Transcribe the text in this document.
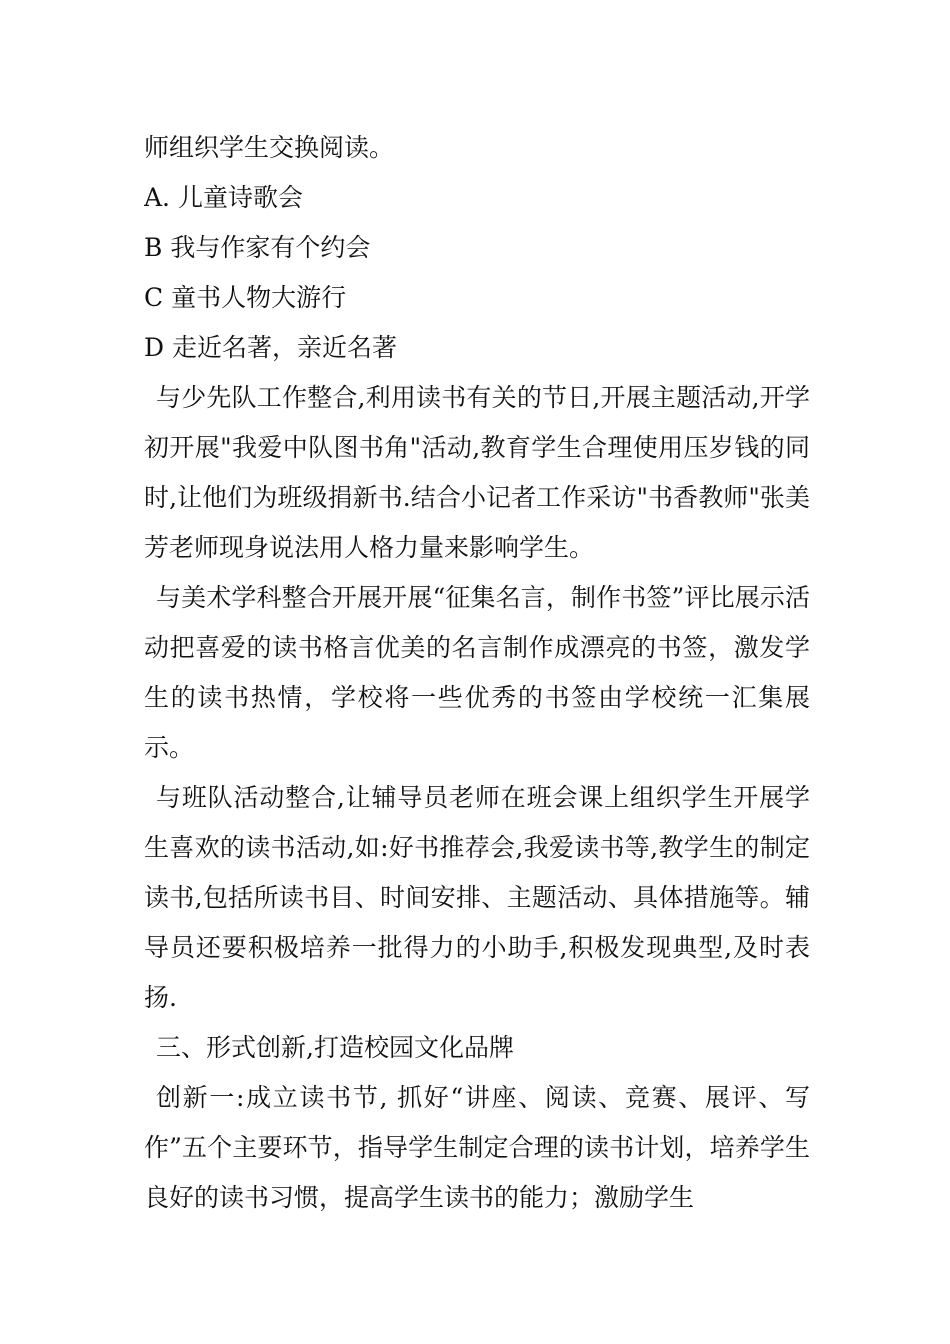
师组织学生交换阅读。
A. 儿童诗歌会
B 我与作家有个约会
C 童书人物大游行
D 走近名著，亲近名著

与少先队工作整合,利用读书有关的节日,开展主题活动,开学初开展"我爱中队图书角"活动,教育学生合理使用压岁钱的同时,让他们为班级捐新书.结合小记者工作采访"书香教师"张美芳老师现身说法用人格力量来影响学生。

与美术学科整合开展开展“征集名言，制作书签”评比展示活动把喜爱的读书格言优美的名言制作成漂亮的书签，激发学生的读书热情，学校将一些优秀的书签由学校统一汇集展示。

与班队活动整合,让辅导员老师在班会课上组织学生开展学生喜欢的读书活动,如:好书推荐会,我爱读书等,教学生的制定读书,包括所读书目、时间安排、主题活动、具体措施等。辅导员还要积极培养一批得力的小助手,积极发现典型,及时表扬.

三、形式创新,打造校园文化品牌

创新一:成立读书节, 抓好“讲座、阅读、竞赛、展评、写作”五个主要环节，指导学生制定合理的读书计划，培养学生良好的读书习惯，提高学生读书的能力；激励学生
